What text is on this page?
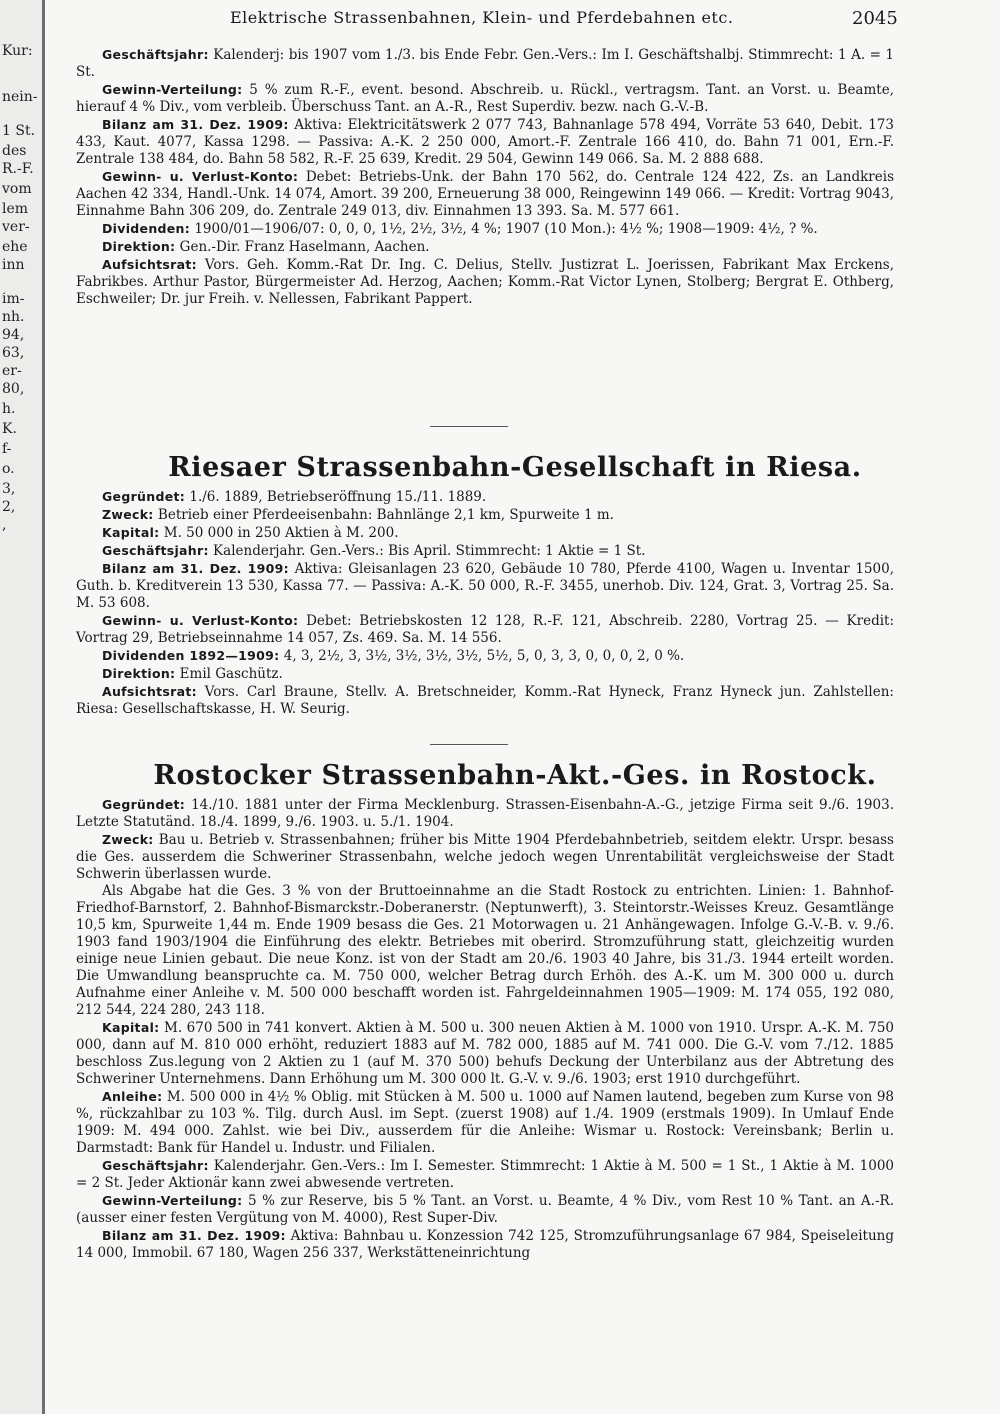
Kur:
nein-
1 St.
des
R.-F.
vom
lem
ver-
ehe
inn
im-
nh.
94,
63,
er-
80,
h.
K.
f-
o.
3,
2,
,
Elektrische Strassenbahnen, Klein- und Pferdebahnen etc.	2045

Geschäftsjahr: Kalenderj: bis 1907 vom 1./3. bis Ende Febr. Gen.-Vers.: Im I. Geschäftshalbj. Stimmrecht: 1 A. = 1 St.

Gewinn-Verteilung: 5 % zum R.-F., event. besond. Abschreib. u. Rückl., vertragsm. Tant. an Vorst. u. Beamte, hierauf 4 % Div., vom verbleib. Überschuss Tant. an A.-R., Rest Superdiv. bezw. nach G.-V.-B.

Bilanz am 31. Dez. 1909: Aktiva: Elektricitätswerk 2 077 743, Bahnanlage 578 494, Vorräte 53 640, Debit. 173 433, Kaut. 4077, Kassa 1298. — Passiva: A.-K. 2 250 000, Amort.-F. Zentrale 166 410, do. Bahn 71 001, Ern.-F. Zentrale 138 484, do. Bahn 58 582, R.-F. 25 639, Kredit. 29 504, Gewinn 149 066. Sa. M. 2 888 688.

Gewinn- u. Verlust-Konto: Debet: Betriebs-Unk. der Bahn 170 562, do. Centrale 124 422, Zs. an Landkreis Aachen 42 334, Handl.-Unk. 14 074, Amort. 39 200, Erneuerung 38 000, Reingewinn 149 066. — Kredit: Vortrag 9043, Einnahme Bahn 306 209, do. Zentrale 249 013, div. Einnahmen 13 393. Sa. M. 577 661.

Dividenden: 1900/01—1906/07: 0, 0, 0, 1½, 2½, 3½, 4 %; 1907 (10 Mon.): 4½ %; 1908—1909: 4½, ? %.

Direktion: Gen.-Dir. Franz Haselmann, Aachen.

Aufsichtsrat: Vors. Geh. Komm.-Rat Dr. Ing. C. Delius, Stellv. Justizrat L. Joerissen, Fabrikant Max Erckens, Fabrikbes. Arthur Pastor, Bürgermeister Ad. Herzog, Aachen; Komm.-Rat Victor Lynen, Stolberg; Bergrat E. Othberg, Eschweiler; Dr. jur Freih. v. Nellessen, Fabrikant Pappert.

Riesaer Strassenbahn-Gesellschaft in Riesa.

Gegründet: 1./6. 1889, Betriebseröffnung 15./11. 1889.

Zweck: Betrieb einer Pferdeeisenbahn: Bahnlänge 2,1 km, Spurweite 1 m.

Kapital: M. 50 000 in 250 Aktien à M. 200.

Geschäftsjahr: Kalenderjahr. Gen.-Vers.: Bis April. Stimmrecht: 1 Aktie = 1 St.

Bilanz am 31. Dez. 1909: Aktiva: Gleisanlagen 23 620, Gebäude 10 780, Pferde 4100, Wagen u. Inventar 1500, Guth. b. Kreditverein 13 530, Kassa 77. — Passiva: A.-K. 50 000, R.-F. 3455, unerhob. Div. 124, Grat. 3, Vortrag 25. Sa. M. 53 608.

Gewinn- u. Verlust-Konto: Debet: Betriebskosten 12 128, R.-F. 121, Abschreib. 2280, Vortrag 25. — Kredit: Vortrag 29, Betriebseinnahme 14 057, Zs. 469. Sa. M. 14 556.

Dividenden 1892—1909: 4, 3, 2½, 3, 3½, 3½, 3½, 3½, 5½, 5, 0, 3, 3, 0, 0, 0, 2, 0 %.

Direktion: Emil Gaschütz.

Aufsichtsrat: Vors. Carl Braune, Stellv. A. Bretschneider, Komm.-Rat Hyneck, Franz Hyneck jun. Zahlstellen: Riesa: Gesellschaftskasse, H. W. Seurig.

Rostocker Strassenbahn-Akt.-Ges. in Rostock.

Gegründet: 14./10. 1881 unter der Firma Mecklenburg. Strassen-Eisenbahn-A.-G., jetzige Firma seit 9./6. 1903. Letzte Statutänd. 18./4. 1899, 9./6. 1903. u. 5./1. 1904.

Zweck: Bau u. Betrieb v. Strassenbahnen; früher bis Mitte 1904 Pferdebahnbetrieb, seitdem elektr. Urspr. besass die Ges. ausserdem die Schweriner Strassenbahn, welche jedoch wegen Unrentabilität vergleichsweise der Stadt Schwerin überlassen wurde.

Als Abgabe hat die Ges. 3 % von der Bruttoeinnahme an die Stadt Rostock zu entrichten. Linien: 1. Bahnhof-Friedhof-Barnstorf, 2. Bahnhof-Bismarckstr.-Doberanerstr. (Neptunwerft), 3. Steintorstr.-Weisses Kreuz. Gesamtlänge 10,5 km, Spurweite 1,44 m. Ende 1909 besass die Ges. 21 Motorwagen u. 21 Anhängewagen. Infolge G.-V.-B. v. 9./6. 1903 fand 1903/1904 die Einführung des elektr. Betriebes mit oberird. Stromzuführung statt, gleichzeitig wurden einige neue Linien gebaut. Die neue Konz. ist von der Stadt am 20./6. 1903 40 Jahre, bis 31./3. 1944 erteilt worden. Die Umwandlung beanspruchte ca. M. 750 000, welcher Betrag durch Erhöh. des A.-K. um M. 300 000 u. durch Aufnahme einer Anleihe v. M. 500 000 beschafft worden ist. Fahrgeldeinnahmen 1905—1909: M. 174 055, 192 080, 212 544, 224 280, 243 118.

Kapital: M. 670 500 in 741 konvert. Aktien à M. 500 u. 300 neuen Aktien à M. 1000 von 1910. Urspr. A.-K. M. 750 000, dann auf M. 810 000 erhöht, reduziert 1883 auf M. 782 000, 1885 auf M. 741 000. Die G.-V. vom 7./12. 1885 beschloss Zus.legung von 2 Aktien zu 1 (auf M. 370 500) behufs Deckung der Unterbilanz aus der Abtretung des Schweriner Unternehmens. Dann Erhöhung um M. 300 000 lt. G.-V. v. 9./6. 1903; erst 1910 durchgeführt.

Anleihe: M. 500 000 in 4½ % Oblig. mit Stücken à M. 500 u. 1000 auf Namen lautend, begeben zum Kurse von 98 %, rückzahlbar zu 103 %. Tilg. durch Ausl. im Sept. (zuerst 1908) auf 1./4. 1909 (erstmals 1909). In Umlauf Ende 1909: M. 494 000. Zahlst. wie bei Div., ausserdem für die Anleihe: Wismar u. Rostock: Vereinsbank; Berlin u. Darmstadt: Bank für Handel u. Industr. und Filialen.

Geschäftsjahr: Kalenderjahr. Gen.-Vers.: Im I. Semester. Stimmrecht: 1 Aktie à M. 500 = 1 St., 1 Aktie à M. 1000 = 2 St. Jeder Aktionär kann zwei abwesende vertreten.

Gewinn-Verteilung: 5 % zur Reserve, bis 5 % Tant. an Vorst. u. Beamte, 4 % Div., vom Rest 10 % Tant. an A.-R. (ausser einer festen Vergütung von M. 4000), Rest Super-Div.

Bilanz am 31. Dez. 1909: Aktiva: Bahnbau u. Konzession 742 125, Stromzuführungsanlage 67 984, Speiseleitung 14 000, Immobil. 67 180, Wagen 256 337, Werkstätteneinrichtung
